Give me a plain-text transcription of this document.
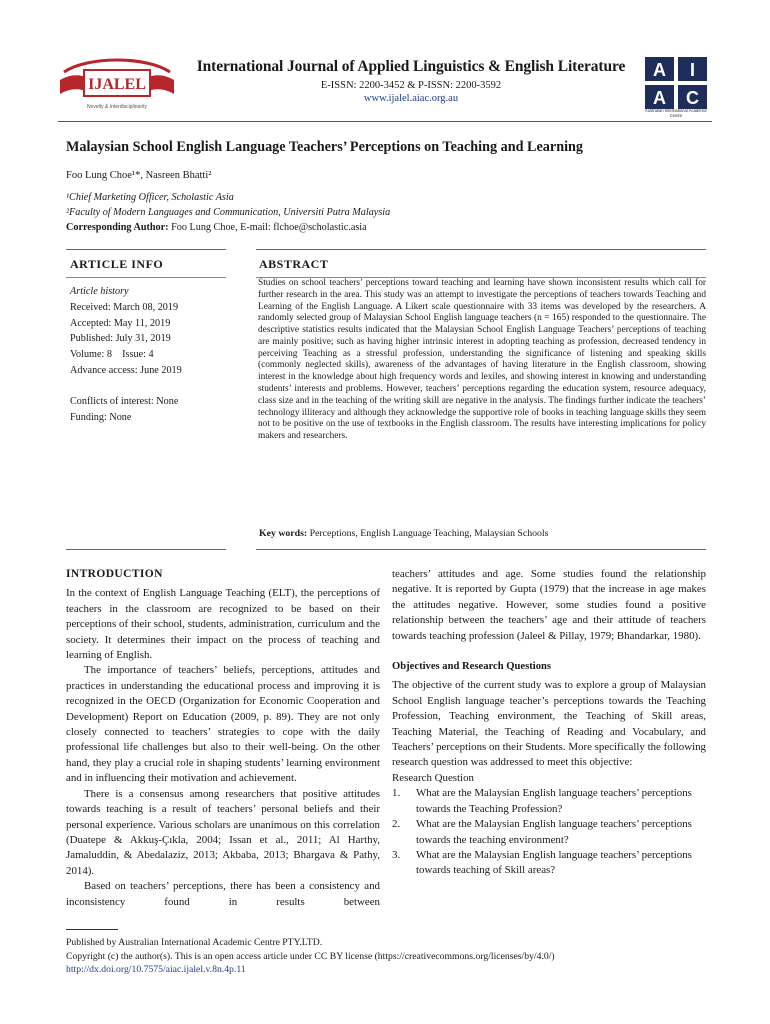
IJALEL
Novelty & Interdisciplinarity
International Journal of Applied Linguistics & English Literature
E-ISSN: 2200-3452 & P-ISSN: 2200-3592
www.ijalel.aiac.org.au
A I
A C
Australian International Academic Centre
Malaysian School English Language Teachers’ Perceptions on Teaching and Learning
Foo Lung Choe¹*, Nasreen Bhatti²
¹Chief Marketing Officer, Scholastic Asia
²Faculty of Modern Languages and Communication, Universiti Putra Malaysia
Corresponding Author: Foo Lung Choe, E-mail: flchoe@scholastic.asia
ARTICLE INFO	ABSTRACT
Article history
Received: March 08, 2019
Accepted: May 11, 2019
Published: July 31, 2019
Volume: 8    Issue: 4
Advance access: June 2019
Conflicts of interest: None
Funding: None
Studies on school teachers’ perceptions toward teaching and learning have shown inconsistent results which call for further research in the area. This study was an attempt to investigate the perceptions of teachers towards Teaching and Learning of the English Language. A Likert scale questionnaire with 33 items was developed by the researchers. A randomly selected group of Malaysian School English language teachers (n = 165) responded to the questionnaire. The descriptive statistics results indicated that the Malaysian School English Language Teachers’ perceptions of teaching are mainly positive; such as having higher intrinsic interest in adopting teaching as profession, decreased tendency in perceiving Teaching as a stressful profession, understanding the significance of listening and speaking skills (commonly neglected skills), awareness of the advantages of having literature in the English classroom, showing interest in the knowledge about high frequency words and lexiles, and showing interest in knowing and understanding students’ interests and problems. However, teachers’ perceptions regarding the education system, resource adequacy, class size and in the teaching of the writing skill are negative in the analysis. The findings further indicate the teachers’ technology illiteracy and although they acknowledge the supportive role of books in teaching language skills they seem not to be positive on the use of textbooks in the English classroom. The results have interesting implications for policy makers and researchers.
Key words: Perceptions, English Language Teaching, Malaysian Schools
INTRODUCTION

In the context of English Language Teaching (ELT), the perceptions of teachers in the classroom are recognized to be based on their perceptions of their school, students, administration, curriculum and the society. It determines their impact on the process of teaching and learning of English.

The importance of teachers’ beliefs, perceptions, attitudes and practices in understanding the educational process and improving it is recognized in the OECD (Organization for Economic Cooperation and Development) Report on Education (2009, p. 89). They are not only closely connected to teachers’ strategies to cope with the daily professional life challenges but also to their well-being. On the other hand, they play a crucial role in shaping students’ learning environment and in influencing their motivation and achievement.

There is a consensus among researchers that positive attitudes towards teaching is a result of teachers’ personal beliefs and their personal experience. Various scholars are unanimous on this correlation (Duatepe & Akkuş-Çıkla, 2004; Issan et al., 2011; Al Harthy, Jamaluddin, & Abedalaziz, 2013; Akbaba, 2013; Bhargava & Pathy, 2014).

Based on teachers’ perceptions, there has been a consistency and inconsistency found in results between

teachers’ attitudes and age. Some studies found the relationship negative. It is reported by Gupta (1979) that the increase in age makes the attitudes negative. However, some studies found a positive relationship between the teachers’ age and their attitude of teachers towards teaching profession (Jaleel & Pillay, 1979; Bhandarkar, 1980).

Objectives and Research Questions

The objective of the current study was to explore a group of Malaysian School English language teacher’s perceptions towards the Teaching Profession, Teaching environment, the Teaching of Skill areas, Teaching Material, the Teaching of Reading and Vocabulary, and Teachers’ perceptions on their Students. More specifically the following research question was addressed to meet this objective:

Research Question
1.	What are the Malaysian English language teachers’ perceptions towards the Teaching Profession?
2.	What are the Malaysian English language teachers’ perceptions towards the teaching environment?
3.	What are the Malaysian English language teachers’ perceptions towards teaching of Skill areas?
Published by Australian International Academic Centre PTY.LTD.
Copyright (c) the author(s). This is an open access article under CC BY license (https://creativecommons.org/licenses/by/4.0/)
http://dx.doi.org/10.7575/aiac.ijalel.v.8n.4p.11
